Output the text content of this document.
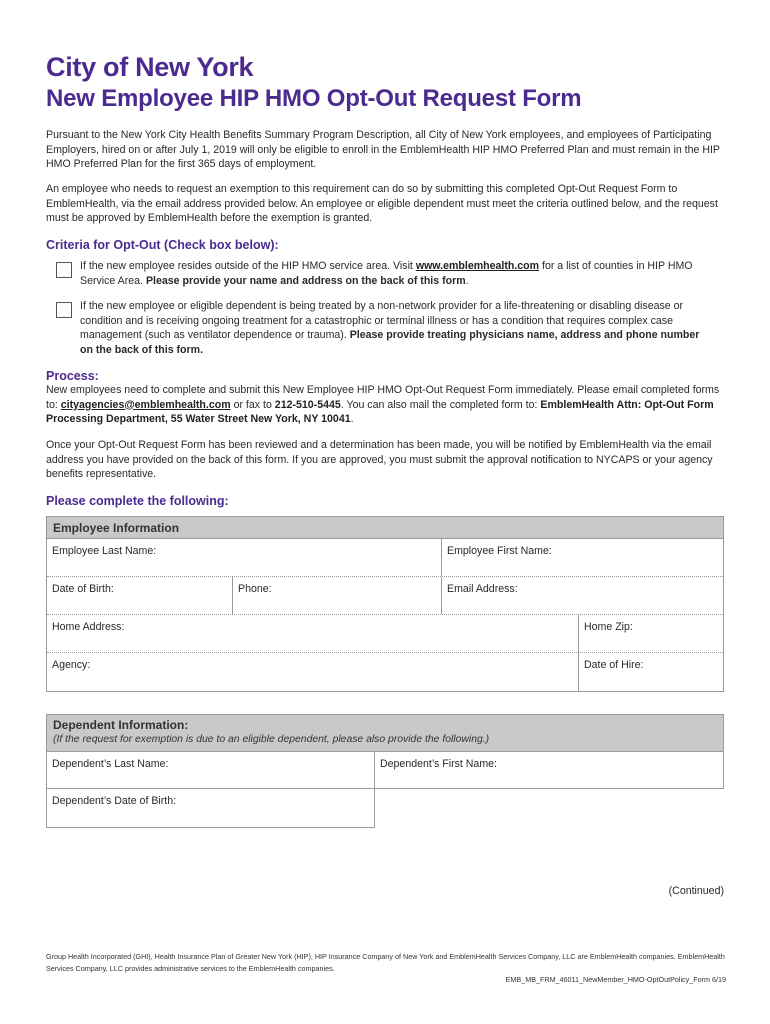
City of New York
New Employee HIP HMO Opt-Out Request Form
Pursuant to the New York City Health Benefits Summary Program Description, all City of New York employees, and employees of Participating Employers, hired on or after July 1, 2019 will only be eligible to enroll in the EmblemHealth HIP HMO Preferred Plan and must remain in the HIP HMO Preferred Plan for the first 365 days of employment.
An employee who needs to request an exemption to this requirement can do so by submitting this completed Opt-Out Request Form to EmblemHealth, via the email address provided below. An employee or eligible dependent must meet the criteria outlined below, and the request must be approved by EmblemHealth before the exemption is granted.
Criteria for Opt-Out (Check box below):
If the new employee resides outside of the HIP HMO service area. Visit www.emblemhealth.com for a list of counties in HIP HMO Service Area. Please provide your name and address on the back of this form.
If the new employee or eligible dependent is being treated by a non-network provider for a life-threatening or disabling disease or condition and is receiving ongoing treatment for a catastrophic or terminal illness or has a condition that requires complex case management (such as ventilator dependence or trauma). Please provide treating physicians name, address and phone number on the back of this form.
Process:
New employees need to complete and submit this New Employee HIP HMO Opt-Out Request Form immediately. Please email completed forms to: cityagencies@emblemhealth.com or fax to 212-510-5445. You can also mail the completed form to: EmblemHealth Attn: Opt-Out Form Processing Department, 55 Water Street New York, NY 10041.
Once your Opt-Out Request Form has been reviewed and a determination has been made, you will be notified by EmblemHealth via the email address you have provided on the back of this form. If you are approved, you must submit the approval notification to NYCAPS or your agency benefits representative.
Please complete the following:
Employee Information
Employee Last Name:	Employee First Name:
Date of Birth:	Phone:	Email Address:
Home Address:	Home Zip:
Agency:	Date of Hire:
Dependent Information:
(If the request for exemption is due to an eligible dependent, please also provide the following.)
Dependent’s Last Name:	Dependent’s First Name:
Dependent’s Date of Birth:
(Continued)
Group Health Incorporated (GHI), Health Insurance Plan of Greater New York (HIP), HIP Insurance Company of New York and EmblemHealth Services Company, LLC are EmblemHealth companies. EmblemHealth Services Company, LLC provides administrative services to the EmblemHealth companies.
EMB_MB_FRM_46011_NewMember_HMO-OptOutPolicy_Form 6/19
